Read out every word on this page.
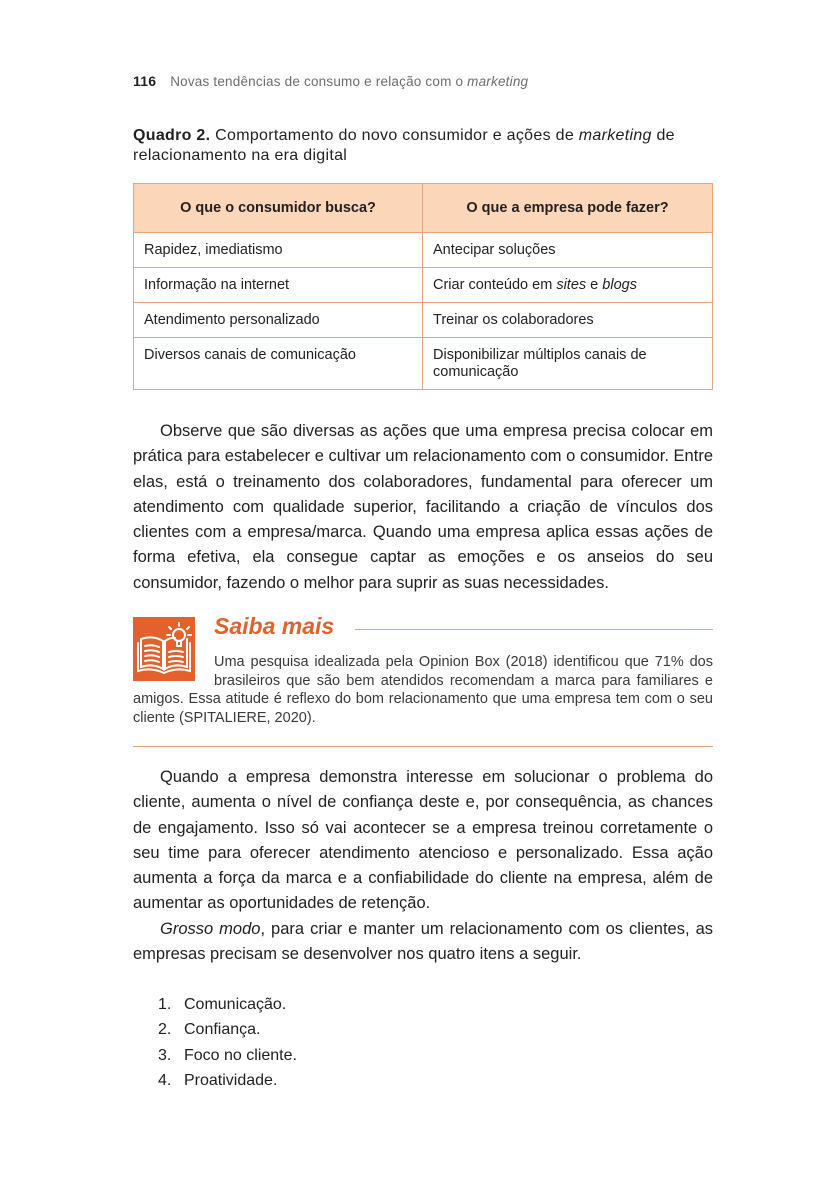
116 Novas tendências de consumo e relação com o marketing
Quadro 2. Comportamento do novo consumidor e ações de marketing de relacionamento na era digital
O que o consumidor busca?	O que a empresa pode fazer?
Rapidez, imediatismo	Antecipar soluções
Informação na internet	Criar conteúdo em sites e blogs
Atendimento personalizado	Treinar os colaboradores
Diversos canais de comunicação	Disponibilizar múltiplos canais de comunicação

Observe que são diversas as ações que uma empresa precisa colocar em prática para estabelecer e cultivar um relacionamento com o consumidor. Entre elas, está o treinamento dos colaboradores, fundamental para oferecer um atendimento com qualidade superior, facilitando a criação de vínculos dos clientes com a empresa/marca. Quando uma empresa aplica essas ações de forma efetiva, ela consegue captar as emoções e os anseios do seu consumidor, fazendo o melhor para suprir as suas necessidades.

Saiba mais
Uma pesquisa idealizada pela Opinion Box (2018) identificou que 71% dos brasileiros que são bem atendidos recomendam a marca para familiares e amigos. Essa atitude é reflexo do bom relacionamento que uma empresa tem com o seu cliente (SPITALIERE, 2020).

Quando a empresa demonstra interesse em solucionar o problema do cliente, aumenta o nível de confiança deste e, por consequência, as chances de engajamento. Isso só vai acontecer se a empresa treinou corretamente o seu time para oferecer atendimento atencioso e personalizado. Essa ação aumenta a força da marca e a confiabilidade do cliente na empresa, além de aumentar as oportunidades de retenção.

Grosso modo, para criar e manter um relacionamento com os clientes, as empresas precisam se desenvolver nos quatro itens a seguir.

1. Comunicação.
2. Confiança.
3. Foco no cliente.
4. Proatividade.
